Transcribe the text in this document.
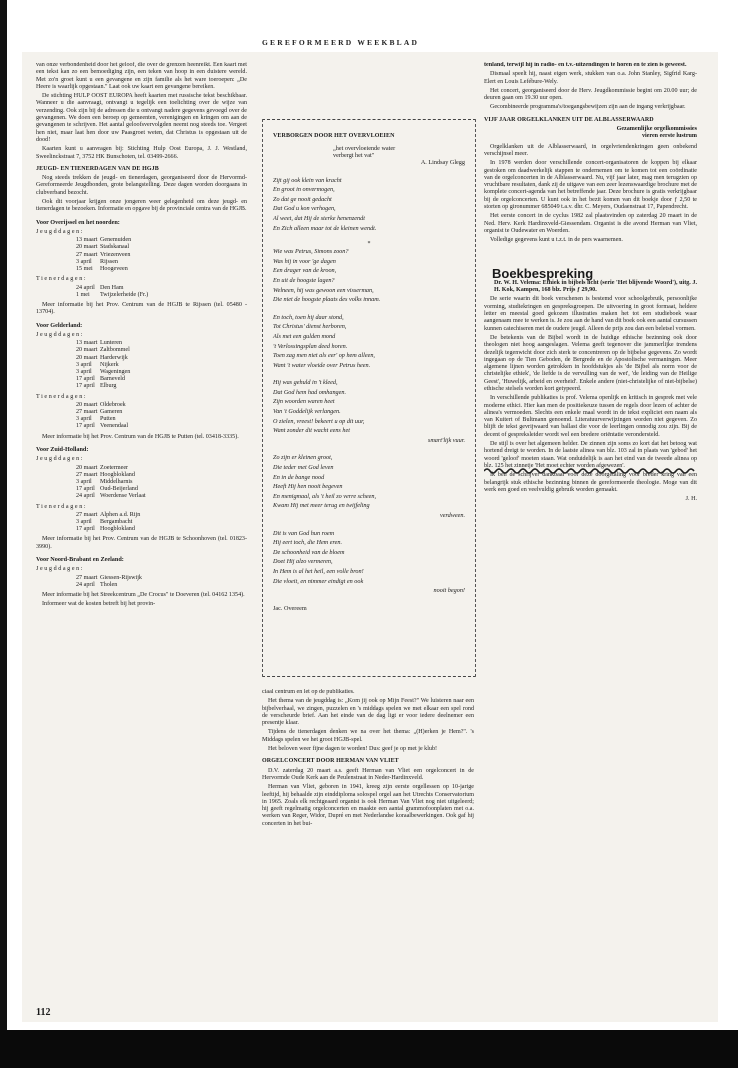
GEREFORMEERD WEEKBLAD

van onze verbondenheid door het geloof, die over de grenzen heenreikt. Een kaart met een tekst kan zo een bemoediging zijn, een teken van hoop in een duistere wereld. Met zo'n groet kunt u een gevangene en zijn familie als het ware toeroepen: „De Heere is waarlijk opgestaan." Laat ook uw kaart een gevangene bereiken.

De stichting HULP OOST EUROPA heeft kaarten met russische tekst beschikbaar. Wanneer u die aanvraagt, ontvangt u tegelijk een toelichting over de wijze van verzending. Ook zijn bij de adressen die u ontvangt nadere gegevens gevoegd over de gevangenen. We doen een beroep op gemeenten, verenigingen en kringen om aan de gevangenen te schrijven. Het aantal geloofsvervolgden neemt nog steeds toe. Vergeet hen niet, maar laat hen door uw Paasgroet weten, dat Christus is opgestaan uit de dood!

Kaarten kunt u aanvragen bij: Stichting Hulp Oost Europa, J. J. Westland, Sweelinckstraat 7, 3752 HK Bunschoten, tel. 03499-2666.

JEUGD- EN TIENERDAGEN VAN DE HGJB

Nog steeds trekken de jeugd- en tienerdagen, georganiseerd door de Hervormd-Gereformeerde Jeugdbonden, grote belangstelling. Deze dagen worden doorgaans in clubverband bezocht.

Ook dit voorjaar krijgen onze jongeren weer gelegenheid om deze jeugd- en tienerdagen te bezoeken. Informatie en opgave bij de provinciale centra van de HGJB.

Voor Overijssel en het noorden:
Jeugddagen:
13 maart Genemuiden
20 maart Stadskanaal
27 maart Vriezenveen
3 april Rijssen
15 mei Hoogeveen
Tienerdagen:
24 april Den Ham
1 mei Twijzelerheide (Fr.)

Meer informatie bij het Prov. Centrum van de HGJB te Rijssen (tel. 05480 - 13704).

Voor Gelderland:
Jeugddagen:
13 maart Lunteren
20 maart Zaltbommel
20 maart Harderwijk
3 april Nijkerk
3 april Wageningen
17 april Barneveld
17 april Elburg
Tienerdagen:
20 maart Oldebroek
27 maart Gameren
3 april Putten
17 april Veenendaal

Meer informatie bij het Prov. Centrum van de HGJB te Putten (tel. 03418-3335).

Voor Zuid-Holland:
Jeugddagen:
20 maart Zoetermeer
27 maart Hoogblokland
3 april Middelharnis
17 april Oud-Beijerland
24 april Woerdense Verlaat
Tienerdagen:
27 maart Alphen a.d. Rijn
3 april Bergambacht
17 april Hoogblokland

Meer informatie bij het Prov. Centrum van de HGJB te Schoonhoven (tel. 01823-3990).

Voor Noord-Brabant en Zeeland:
Jeugddagen:
27 maart Giessen-Rijswijk
24 april Tholen

Meer informatie bij het Streekcentrum „De Crocus" te Doeveren (tel. 04162 1354).

Informeer wat de kosten betreft bij het provin-

VERBORGEN DOOR HET OVERVLOEIEN
„het overvloeiende water
verbergt het vat"
A. Lindsay Glegg
Zijt gij ook klein van kracht
En groot in onvermogen,
Zo dat ge nooit gedacht
Dat God u kon verhogen,
Al weet, dat Hij de sterke henenzendt
En Zich alleen maar tot de kleinen wendt.
*
Wie was Petrus, Simons zoon?
Was hij in voor 'ge dagen
Een drager van de kroon,
En uit de hoogste lagen?
Welneen, hij was gewoon een visserman,
Die niet de hoogste plaats des volks innam.
En toch, toen hij daar stond,
Tot Christus' dienst herboren,
Als met een gulden mond
't Verlossingsplan deed horen.
Toen zag men niet als eer' op hem alleen,
Want 't water vloeide over Petrus heen.
Hij was gehuld in 't kleed,
Dat God hem had omhangen.
Zijn woorden waren heet
Van 't Goddelijk verlangen.
O zielen, vreest! bekeert u op dit uur,
Want zonder dit wacht eens het
smart'lijk vuur.
Zo zijn er kleinen groot,
Die teder met God leven
En in de bange nood
Heeft Hij hen nooit begeven
En menigmaal, als 't heil zo verre scheen,
Kwam Hij met meer terug en twijfeling
verdween.
Dit is van God hun roem
Hij eert toch, die Hem eren.
De schoonheid van de bloem
Doet Hij alzo vermeren,
In Hem is al het heil, een volle bron!
Die vloeit, en nimmer eindigt en ook
nooit begon!
Jac. Overeem

ciaal centrum en let op de publikaties.

Het thema van de jeugddag is: „Kom jij ook op Mijn Feest?" We luisteren naar een bijbelverhaal, we zingen, puzzelen en 's middags spelen we met elkaar een spel rond de verscheurde brief. Aan het einde van de dag ligt er voor iedere deelnemer een presentje klaar.

Tijdens de tienerdagen denken we na over het thema: „(H)erken je Hem?". 's Middags spelen we het groot HGJB-spel.

Het beloven weer fijne dagen te worden! Dus: geef je op met je klub!

ORGELCONCERT DOOR HERMAN VAN VLIET

D.V. zaterdag 20 maart a.s. geeft Herman van Vliet een orgelconcert in de Hervormde Oude Kerk aan de Peulenstraat in Neder-Hardinxveld.

Herman van Vliet, geboren in 1941, kreeg zijn eerste orgellessen op 10-jarige leeftijd, hij behaalde zijn einddiploma solospel orgel aan het Utrechts Conservatorium in 1965. Zoals elk rechtgeaard organist is ook Herman Van Vliet nog niet uitgeleerd; hij geeft regelmatig orgelconcerten en maakte een aantal grammofoonplaten met o.a. werken van Reger, Widor, Dupré en met Nederlandse koraalbewerkingen. Ook gaf hij concerten in het bui-

tenland, terwijl hij in radio- en t.v.-uitzendingen te horen en te zien is geweest.

Dismaal speelt hij, naast eigen werk, stukken van o.a. John Stanley, Sigfrid Karg-Elert en Louis Lefébure-Wely.

Het concert, georganiseerd door de Herv. Jeugdkommissie begint om 20.00 uur; de deuren gaan om 19.30 uur open.

Gecombineerde programma's/toegangsbewijzen zijn aan de ingang verkrijgbaar.

VIJF JAAR ORGELKLANKEN UIT DE ALBLASSERWAARD
Gezamenlijke orgelkommissies
vieren eerste lustrum

Orgelklanken uit de Alblasserwaard, in orgelvriendenkringen geen onbekend verschijnsel meer.

In 1978 werden door verschillende concert-organisatoren de koppen bij elkaar gestoken om daadwerkelijk stappen te ondernemen om te komen tot een coördinatie van de orgelconcerten in de Alblasserwaard. Nu, vijf jaar later, mag men terugzien op vruchtbare resultaten, dank zij de uitgave van een zeer lezenswaardige brochure met de komplete concert-agenda van het betreffende jaar. Deze brochure is gratis verkrijgbaar bij de orgelconcerten. U kunt ook in het bezit komen van dit boekje door ƒ 2,50 te storten op gironummer 685049 t.a.v. dhr. C. Meyers, Oudaenstraat 17, Papendrecht.

Het eerste concert in de cyclus 1982 zal plaatsvinden op zaterdag 20 maart in de Ned. Herv. Kerk Hardinxveld-Giessendam. Organist is die avond Herman van Vliet, organist te Oudewater en Woerden.

Volledige gegevens kunt u t.z.t. in de pers waarnemen.

Boekbespreking

Dr. W. H. Velema: Ethiek in bijbels licht (serie 'Het blijvende Woord'), uitg. J. H. Kok, Kampen, 168 blz. Prijs ƒ 29,90.

De serie waarin dit boek verschenen is bestemd voor schoolgebruik, persoonlijke vorming, studiekringen en gespreksgroepen. De uitvoering in groot formaat, heldere letter en meestal goed gekozen illustraties maken het tot een studieboek waar aangenaam mee te werken is. Je zou aan de hand van dit boek ook een aantal cursussen kunnen catechiseren met de oudere jeugd. Alleen de prijs zou dan een beletsel vormen.

De betekenis van de Bijbel wordt in de huidige ethische bezinning ook door theologen niet hoog aangeslagen. Velema geeft tegenover die jammerlijke trendens dezelijk tegenwicht door zich sterk te concentreren op de bijbelse gegevens. Zo wordt ingegaan op de Tien Geboden, de Bergrede en de Apostolische vermaningen. Meer algemene lijnen worden getrokken in hoofdstukjes als 'de Bijbel als norm voor de christelijke ethiek', 'de liefde is de vervulling van de wet', 'de leiding van de Heilige Geest', 'Huwelijk, arbeid en overheid'. Enkele andere (niet-christelijke of niet-bijbelse) ethische stelsels worden kort getypeerd.

In verschillende publikaties is prof. Velema openlijk en kritisch in gesprek met vele moderne ethici. Hier kan men de positiekeuze tussen de regels door lezen of achter de alinea's vermoeden. Slechts een enkele maal wordt in de tekst expliciet een naam als van Kuitert of Bultmann genoemd. Literatuurverwijzingen worden niet gegeven. Zo blijft de tekst gevrijwaard van ballast die voor de leerlingen onnodig zou zijn. Bij de decent of gespreksleider wordt wel een bredere oriëntatie verondersteld.

De stijl is over het algemeen helder. De zinnen zijn soms zo kort dat het betoog wat hortend dreigt te worden. In de laatste alinea van blz. 103 zal in plaats van 'gebod' het woord 'geloof' moeten staan. Wat onduidelijk is aan het eind van de tweede alinea op blz. 125 het zinnetje 'Het moet echter worden afgewezen'.

Ik ben de schrijver dankbaar voor deze dóórgetaling voor breder kring van een belangrijk stuk ethische bezinning binnen de gereformeerde theologie. Moge van dit werk een goed en veelvuldig gebruik worden gemaakt.

J. H.
112
